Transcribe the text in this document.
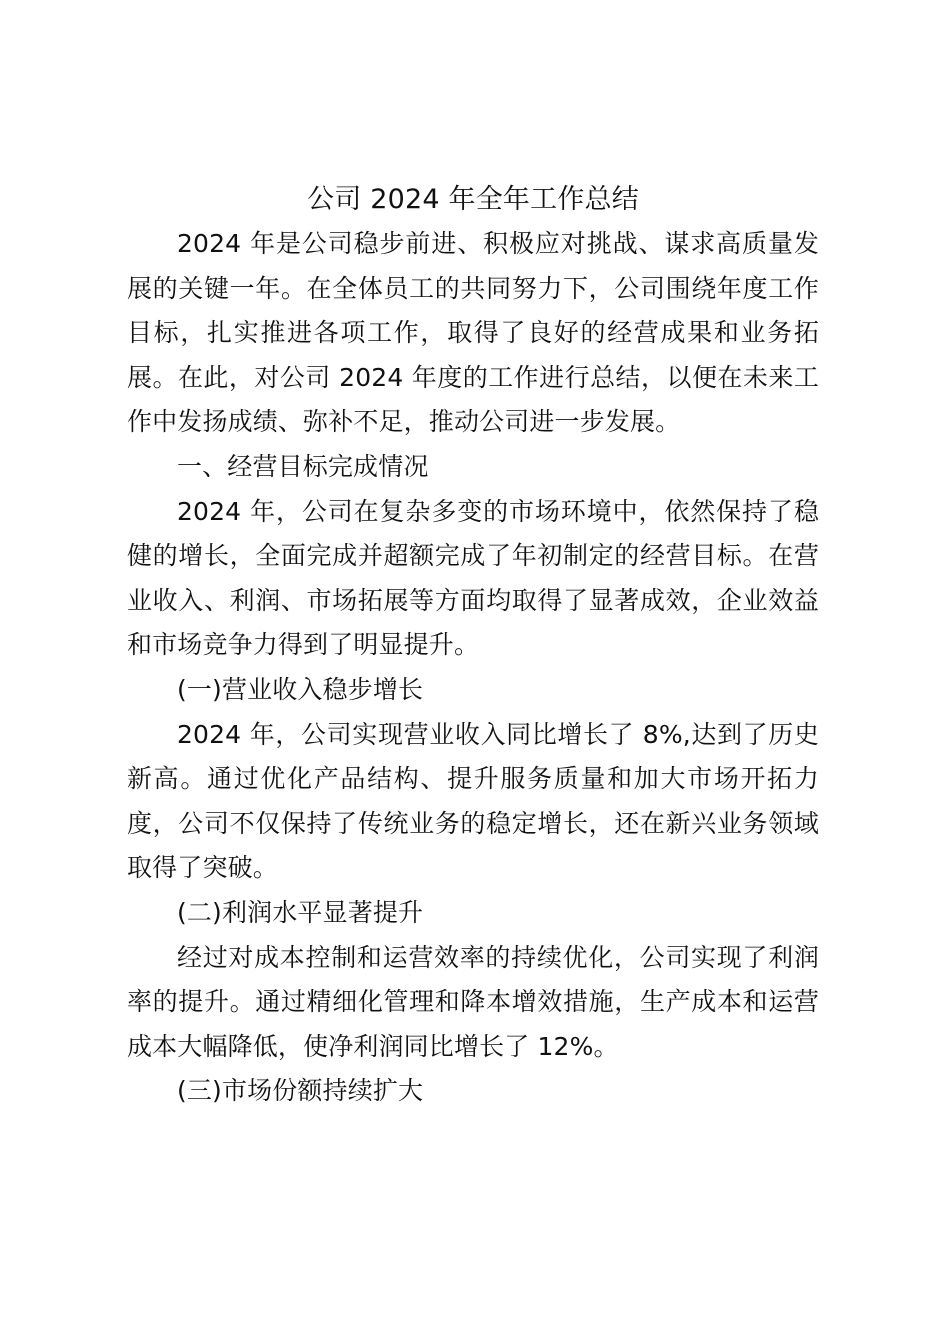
公司 2024 年全年工作总结

2024 年是公司稳步前进、积极应对挑战、谋求高质量发展的关键一年。在全体员工的共同努力下，公司围绕年度工作目标，扎实推进各项工作，取得了良好的经营成果和业务拓展。在此，对公司 2024 年度的工作进行总结，以便在未来工作中发扬成绩、弥补不足，推动公司进一步发展。

一、经营目标完成情况

2024 年，公司在复杂多变的市场环境中，依然保持了稳健的增长，全面完成并超额完成了年初制定的经营目标。在营业收入、利润、市场拓展等方面均取得了显著成效，企业效益和市场竞争力得到了明显提升。

(一)营业收入稳步增长

2024 年，公司实现营业收入同比增长了 8%,达到了历史新高。通过优化产品结构、提升服务质量和加大市场开拓力度，公司不仅保持了传统业务的稳定增长，还在新兴业务领域取得了突破。

(二)利润水平显著提升

经过对成本控制和运营效率的持续优化，公司实现了利润率的提升。通过精细化管理和降本增效措施，生产成本和运营成本大幅降低，使净利润同比增长了 12%。

(三)市场份额持续扩大
